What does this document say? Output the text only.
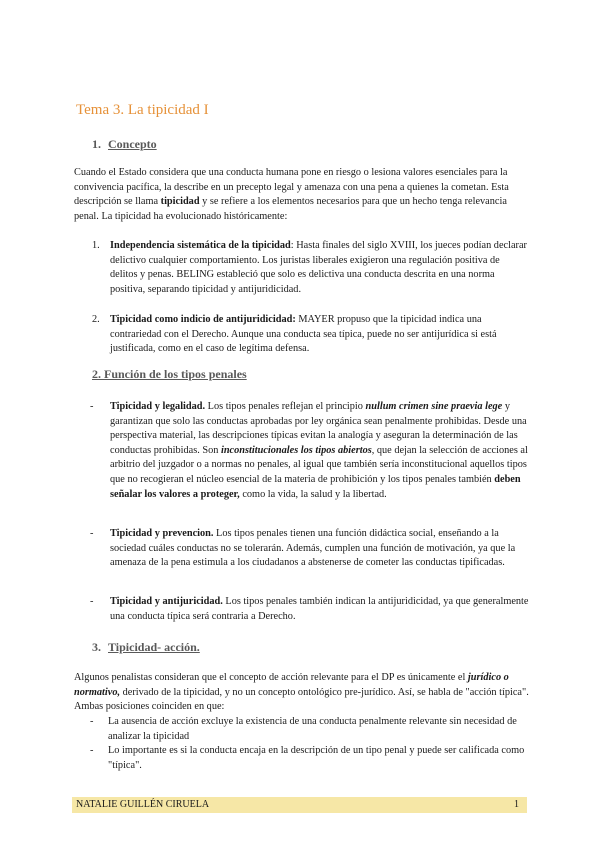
Tema 3. La tipicidad I
1. Concepto

Cuando el Estado considera que una conducta humana pone en riesgo o lesiona valores esenciales para la convivencia pacífica, la describe en un precepto legal y amenaza con una pena a quienes la cometan. Esta descripción se llama tipicidad y se refiere a los elementos necesarios para que un hecho tenga relevancia penal. La tipicidad ha evolucionado históricamente:

1. Independencia sistemática de la tipicidad: Hasta finales del siglo XVIII, los jueces podían declarar delictivo cualquier comportamiento. Los juristas liberales exigieron una regulación positiva de delitos y penas. BELING estableció que solo es delictiva una conducta descrita en una norma positiva, separando tipicidad y antijuridicidad.
2. Tipicidad como indicio de antijuridicidad: MAYER propuso que la tipicidad indica una contrariedad con el Derecho. Aunque una conducta sea típica, puede no ser antijurídica si está justificada, como en el caso de legítima defensa.
2. Función de los tipos penales
- Tipicidad y legalidad. Los tipos penales reflejan el principio nullum crimen sine praevia lege y garantizan que solo las conductas aprobadas por ley orgánica sean penalmente prohibidas. Desde una perspectiva material, las descripciones típicas evitan la analogía y aseguran la determinación de las conductas prohibidas. Son inconstitucionales los tipos abiertos, que dejan la selección de acciones al arbitrio del juzgador o a normas no penales, al igual que también sería inconstitucional aquellos tipos que no recogieran el núcleo esencial de la materia de prohibición y los tipos penales también deben señalar los valores a proteger, como la vida, la salud y la libertad.
- Tipicidad y prevencion. Los tipos penales tienen una función didáctica social, enseñando a la sociedad cuáles conductas no se tolerarán. Además, cumplen una función de motivación, ya que la amenaza de la pena estimula a los ciudadanos a abstenerse de cometer las conductas tipificadas.
- Tipicidad y antijuricidad. Los tipos penales también indican la antijuridicidad, ya que generalmente una conducta típica será contraria a Derecho.
3. Tipicidad- acción.

Algunos penalistas consideran que el concepto de acción relevante para el DP es únicamente el jurídico o normativo, derivado de la tipicidad, y no un concepto ontológico pre-jurídico. Así, se habla de "acción típica". Ambas posiciones coinciden en que:

- La ausencia de acción excluye la existencia de una conducta penalmente relevante sin necesidad de analizar la tipicidad
- Lo importante es si la conducta encaja en la descripción de un tipo penal y puede ser calificada como "típica".
NATALIE GUILLÉN CIRUELA	1
